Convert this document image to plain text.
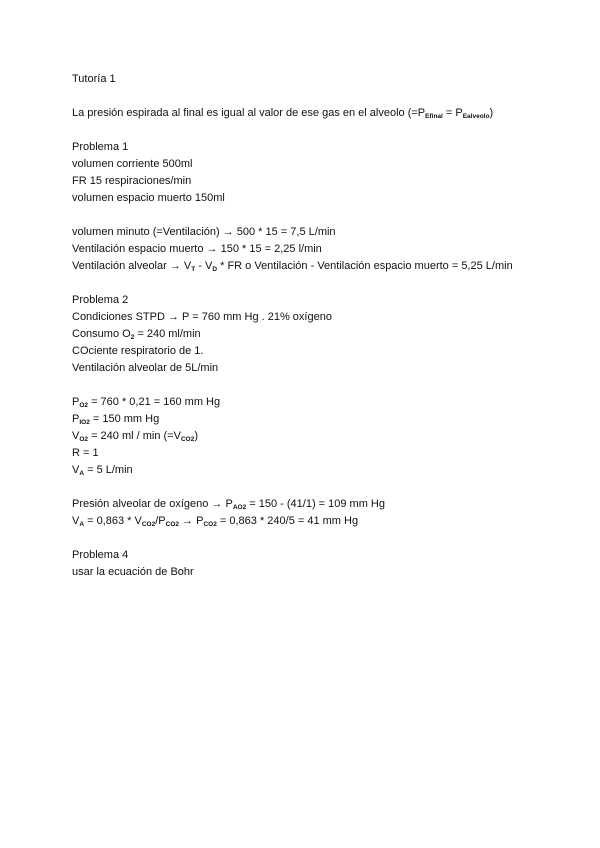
Tutoría 1
La presión espirada al final es igual al valor de ese gas en el alveolo $(=P_{Efinal} = P_{Ealveolo})$
Problema 1
volumen corriente 500ml
FR 15 respiraciones/min
volumen espacio muerto 150ml
volumen minuto (=Ventilación) → 500 * 15 = 7,5 L/min
Ventilación espacio muerto → 150 * 15 = 2,25 l/min
Ventilación alveolar → $V_T - V_D$ * FR o Ventilación - Ventilación espacio muerto = 5,25 L/min
Problema 2
Condiciones STPD → P = 760 mm Hg . 21% oxígeno
Consumo $O_2 = 240$ ml/min
COciente respiratorio de 1.
Ventilación alveolar de 5L/min
$P_{O2} = 760 * 0,21 = 160$ mm Hg
$P_{IO2} = 150$ mm Hg
$V_{O2} = 240$ ml / $\min (=V_{CO2})$
R = 1
$V_A = 5$ L/min
Presión alveolar de oxígeno → $P_{AO2} = 150 - (41/1) = 109$ mm Hg
$V_A = 0,863 * V_{CO2}/P_{CO2} \to P_{CO2} = 0,863 * 240/5 = 41$ mm Hg
Problema 4
usar la ecuación de Bohr
